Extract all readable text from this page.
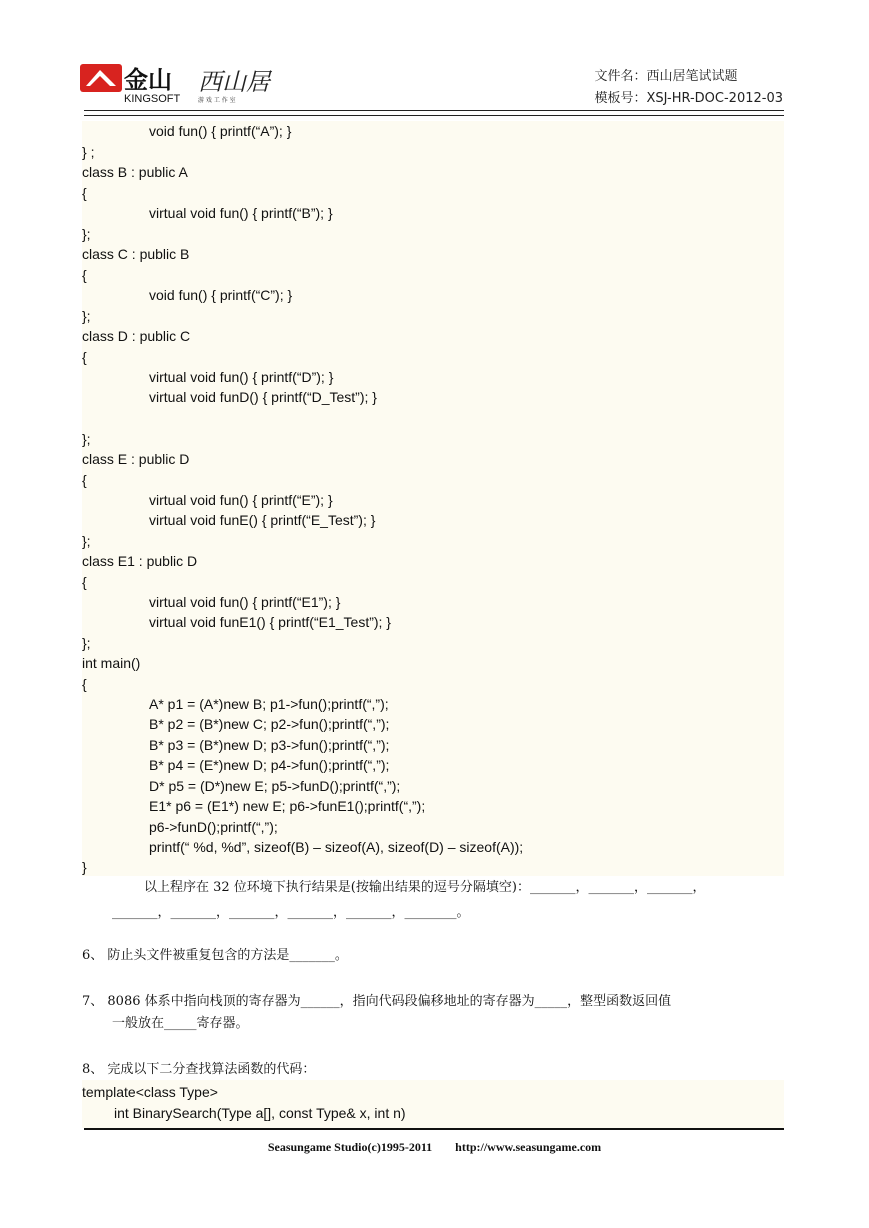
金山
KINGSOFT
西山居
游 戏 工 作 室
文件名：西山居笔试试题
模板号：XSJ-HR-DOC-2012-03
void fun() { printf(“A”); }
} ;
class B : public A
{
virtual void fun() { printf(“B”); }
};
class C : public B
{
void fun() { printf(“C”); }
};
class D : public C
{
virtual void fun() { printf(“D”); }
virtual void funD() { printf(“D_Test”); }
};
class E : public D
{
virtual void fun() { printf(“E”); }
virtual void funE() { printf(“E_Test”); }
};
class E1 : public D
{
virtual void fun() { printf(“E1”); }
virtual void funE1() { printf(“E1_Test”); }
};
int main()
{
A* p1 = (A*)new B; p1->fun();printf(“,”);
B* p2 = (B*)new C; p2->fun();printf(“,”);
B* p3 = (B*)new D; p3->fun();printf(“,”);
B* p4 = (E*)new D; p4->fun();printf(“,”);
D* p5 = (D*)new E; p5->funD();printf(“,”);
E1* p6 = (E1*) new E; p6->funE1();printf(“,”);
p6->funD();printf(“,”);
printf(“ %d, %d”, sizeof(B) – sizeof(A), sizeof(D) – sizeof(A));
}
以上程序在 32 位环境下执行结果是(按输出结果的逗号分隔填空)：_______，_______，_______，
_______，_______，_______，_______，_______，________。
6、 防止头文件被重复包含的方法是_______。
7、 8086 体系中指向栈顶的寄存器为______，指向代码段偏移地址的寄存器为_____，整型函数返回值
一般放在_____寄存器。
8、 完成以下二分查找算法函数的代码：
template<class Type>
int BinarySearch(Type a[], const Type& x, int n)
Seasungame Studio(c)1995-2011 http://www.seasungame.com
